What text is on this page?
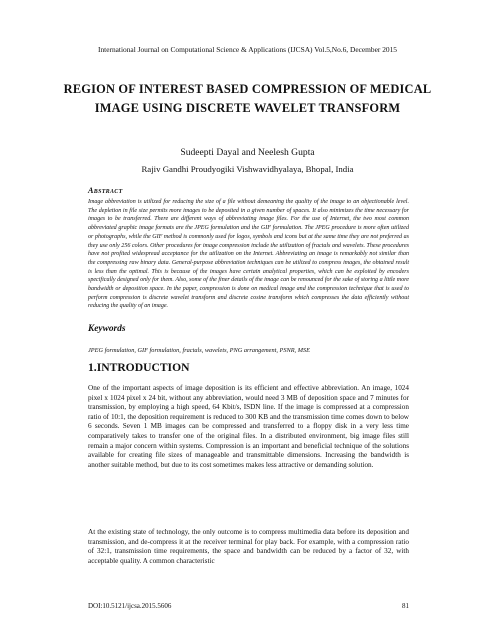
International Journal on Computational Science & Applications (IJCSA) Vol.5,No.6, December 2015
REGION OF INTEREST BASED COMPRESSION OF MEDICAL IMAGE USING DISCRETE WAVELET TRANSFORM
Sudeepti Dayal and Neelesh Gupta
Rajiv Gandhi Proudyogiki Vishwavidhyalaya, Bhopal, India
Abstract

Image abbreviation is utilized for reducing the size of a file without demeaning the quality of the image to an objectionable level. The depletion in file size permits more images to be deposited in a given number of spaces. It also minimizes the time necessary for images to be transferred. There are different ways of abbreviating image files. For the use of Internet, the two most common abbreviated graphic image formats are the JPEG formulation and the GIF formulation. The JPEG procedure is more often utilized or photographs, while the GIF method is commonly used for logos, symbols and icons but at the same time they are not preferred as they use only 256 colors. Other procedures for image compression include the utilization of fractals and wavelets. These procedures have not profited widespread acceptance for the utilization on the Internet. Abbreviating an image is remarkably not similar than the compressing raw binary data. General-purpose abbreviation techniques can be utilized to compress images, the obtained result is less than the optimal. This is because of the images have certain analytical properties, which can be exploited by encoders specifically designed only for them. Also, some of the finer details of the image can be renounced for the sake of storing a little more bandwidth or deposition space. In the paper, compression is done on medical image and the compression technique that is used to perform compression is discrete wavelet transform and discrete cosine transform which compresses the data efficiently without reducing the quality of an image.

Keywords

JPEG formulation, GIF formulation, fractals, wavelets, PNG arrangement, PSNR, MSE

1.INTRODUCTION

One of the important aspects of image deposition is its efficient and effective abbreviation. An image, 1024 pixel x 1024 pixel x 24 bit, without any abbreviation, would need 3 MB of deposition space and 7 minutes for transmission, by employing a high speed, 64 Kbit/s, ISDN line. If the image is compressed at a compression ratio of 10:1, the deposition requirement is reduced to 300 KB and the transmission time comes down to below 6 seconds. Seven 1 MB images can be compressed and transferred to a floppy disk in a very less time comparatively takes to transfer one of the original files. In a distributed environment, big image files still remain a major concern within systems. Compression is an important and beneficial technique of the solutions available for creating file sizes of manageable and transmittable dimensions. Increasing the bandwidth is another suitable method, but due to its cost sometimes makes less attractive or demanding solution.

At the existing state of technology, the only outcome is to compress multimedia data before its deposition and transmission, and de-compress it at the receiver terminal for play back. For example, with a compression ratio of 32:1, transmission time requirements, the space and bandwidth can be reduced by a factor of 32, with acceptable quality. A common characteristic

DOI:10.5121/ijcsa.2015.5606	81
